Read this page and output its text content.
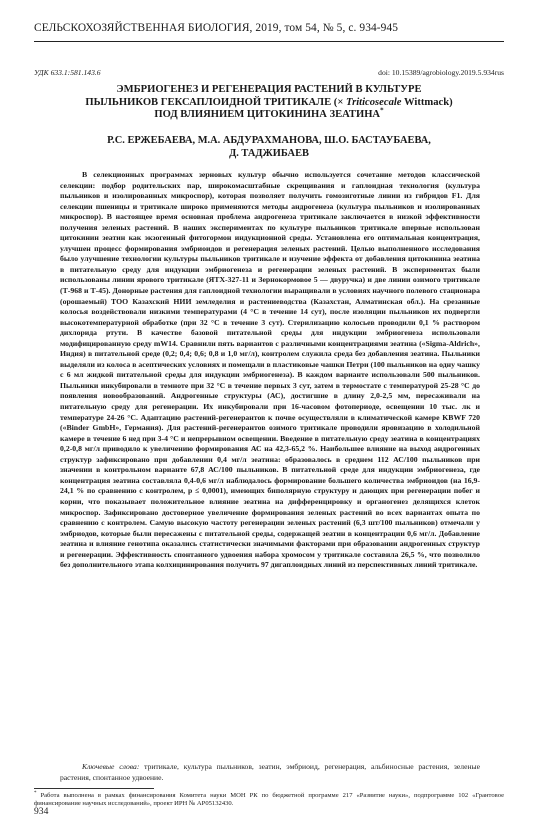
СЕЛЬСКОХОЗЯЙСТВЕННАЯ БИОЛОГИЯ, 2019, том 54, № 5, с. 934-945
УДК 633.1:581.143.6	doi: 10.15389/agrobiology.2019.5.934rus
ЭМБРИОГЕНЕЗ И РЕГЕНЕРАЦИЯ РАСТЕНИЙ В КУЛЬТУРЕ
ПЫЛЬНИКОВ ГЕКСАПЛОИДНОЙ ТРИТИКАЛЕ (× Triticosecale Wittmack)
ПОД ВЛИЯНИЕМ ЦИТОКИНИНА ЗЕАТИНА*
Р.С. ЕРЖЕБАЕВА, М.А. АБДУРАХМАНОВА, Ш.О. БАСТАУБАЕВА,
Д. ТАДЖИБАЕВ

В селекционных программах зерновых культур обычно используется сочетание методов классической селекции: подбор родительских пар, широкомасштабные скрещивания и гаплоидная технология (культура пыльников и изолированных микроспор), которая позволяет получить гомозиготные линии из гибридов F1. Для селекции пшеницы и тритикале широко применяются методы андрогенеза (культура пыльников и изолированных микроспор). В настоящее время основная проблема андрогенеза тритикале заключается в низкой эффективности получения зеленых растений. В наших экспериментах по культуре пыльников тритикале впервые использован цитокинин зеатин как экзогенный фитогормон индукционной среды. Установлена его оптимальная концентрация, улучшен процесс формирования эмбриоидов и регенерация зеленых растений. Целью выполненного исследования было улучшение технологии культуры пыльников тритикале и изучение эффекта от добавления цитокинина зеатина в питательную среду для индукции эмбриогенеза и регенерации зеленых растений. В экспериментах были использованы линии ярового тритикале (ЯТХ-327-11 и Зернокормовое 5 — двуручка) и две линии озимого тритикале (Т-968 и Т-45). Донорные растения для гаплоидной технологии выращивали в условиях научного полевого стационара (орошаемый) ТОО Казахский НИИ земледелия и растениеводства (Казахстан, Алматинская обл.). На срезанные колосья воздействовали низкими температурами (4 °С в течение 14 сут), после изоляции пыльников их подвергли высокотемпературной обработке (при 32 °С в течение 3 сут). Стерилизацию колосьев проводили 0,1 % раствором дихлорида ртути. В качестве базовой питательной среды для индукции эмбриогенеза использовали модифицированную среду mW14. Сравнили пять вариантов с различными концентрациями зеатина («Sigma-Aldrich», Индия) в питательной среде (0,2; 0,4; 0,6; 0,8 и 1,0 мг/л), контролем служила среда без добавления зеатина. Пыльники выделяли из колоса в асептических условиях и помещали в пластиковые чашки Петри (100 пыльников на одну чашку с 6 мл жидкой питательной среды для индукции эмбриогенеза). В каждом варианте использовали 500 пыльников. Пыльники инкубировали в темноте при 32 °С в течение первых 3 сут, затем в термостате с температурой 25-28 °С до появления новообразований. Андрогенные структуры (АС), достигшие в длину 2,0-2,5 мм, пересаживали на питательную среду для регенерации. Их инкубировали при 16-часовом фотопериоде, освещении 10 тыс. лк и температуре 24-26 °С. Адаптацию растений-регенерантов к почве осуществляли в климатической камере KBWF 720 («Binder GmbH», Германия). Для растений-регенерантов озимого тритикале проводили яровизацию в холодильной камере в течение 6 нед при 3-4 °С и непрерывном освещении. Введение в питательную среду зеатина в концентрациях 0,2-0,8 мг/л приводило к увеличению формирования АС на 42,3-65,2 %. Наибольшее влияние на выход андрогенных структур зафиксировано при добавлении 0,4 мг/л зеатина: образовалось в среднем 112 АС/100 пыльников при значении в контрольном варианте 67,8 АС/100 пыльников. В питательной среде для индукции эмбриогенеза, где концентрация зеатина составляла 0,4-0,6 мг/л наблюдалось формирование большего количества эмбриоидов (на 16,9-24,1 % по сравнению с контролем, p ≤ 0,0001), имеющих биполярную структуру и дающих при регенерации побег и корни, что показывает положительное влияние зеатина на дифференцировку и органогенез делящихся клеток микроспор. Зафиксировано достоверное увеличение формирования зеленых растений во всех вариантах опыта по сравнению с контролем. Самую высокую частоту регенерации зеленых растений (6,3 шт/100 пыльников) отмечали у эмбриодов, которые были пересажены с питательной среды, содержащей зеатин в концентрации 0,6 мг/л. Добавление зеатина и влияние генотипа оказались статистически значимыми факторами при образовании андрогенных структур и регенерации. Эффективность спонтанного удвоения набора хромосом у тритикале составила 26,5 %, что позволило без дополнительного этапа колхицинирования получить 97 дигаплоидных линий из перспективных линий тритикале.

Ключевые слова: тритикале, культура пыльников, зеатин, эмбриоид, регенерация, альбиносные растения, зеленые растения, спонтанное удвоение.
* Работа выполнена в рамках финансирования Комитета науки МОН РК по бюджетной программе 217 «Развитие науки», подпрограмме 102 «Грантовое финансирование научных исследований», проект ИРН № AP05132430.
934
